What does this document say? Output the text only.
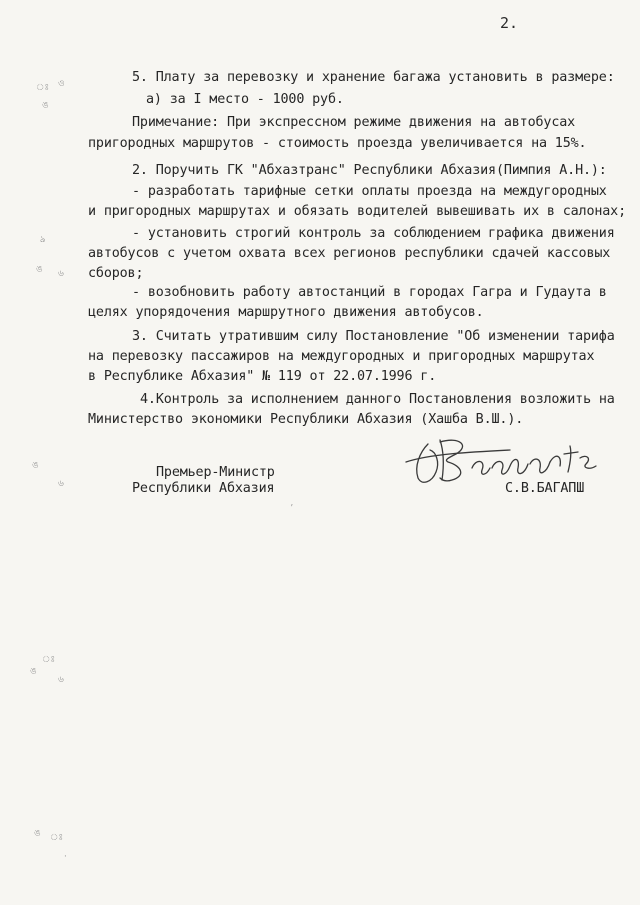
2.
5. Плату за перевозку и хранение багажа установить в размере:
а) за I место - 1000 руб.
Примечание: При экспрессном режиме движения на автобусах
пригородных маршрутов - стоимость проезда увеличивается на 15%.
2. Поручить ГК "Абхазтранс" Республики Абхазия(Пимпия А.Н.):
- разработать тарифные сетки оплаты проезда на междугородных
и пригородных маршрутах и обязать водителей вывешивать их в салонах;
- установить строгий контроль за соблюдением графика движения
автобусов с учетом охвата всех регионов республики сдачей кассовых
сборов;
- возобновить работу автостанций в городах Гагра и Гудаута в
целях упорядочения маршрутного движения автобусов.
3. Считать утратившим силу Постановление "Об изменении тарифа
на перевозку пассажиров на междугородных и пригородных маршрутах
в Республике Абхазия" № 119 от 22.07.1996 г.
4.Контроль за исполнением данного Постановления возложить на
Министерство экономики Республики Абхазия (Хашба В.Ш.).
Премьер-Министр
Республики Абхазия	С.В.БАГАПШ
ঃ ও
ঙ
ঌ
ঙ ৬
ঙ
৬
ঃ
ঙ
৬
ঙ ঃ
·
ʼ
